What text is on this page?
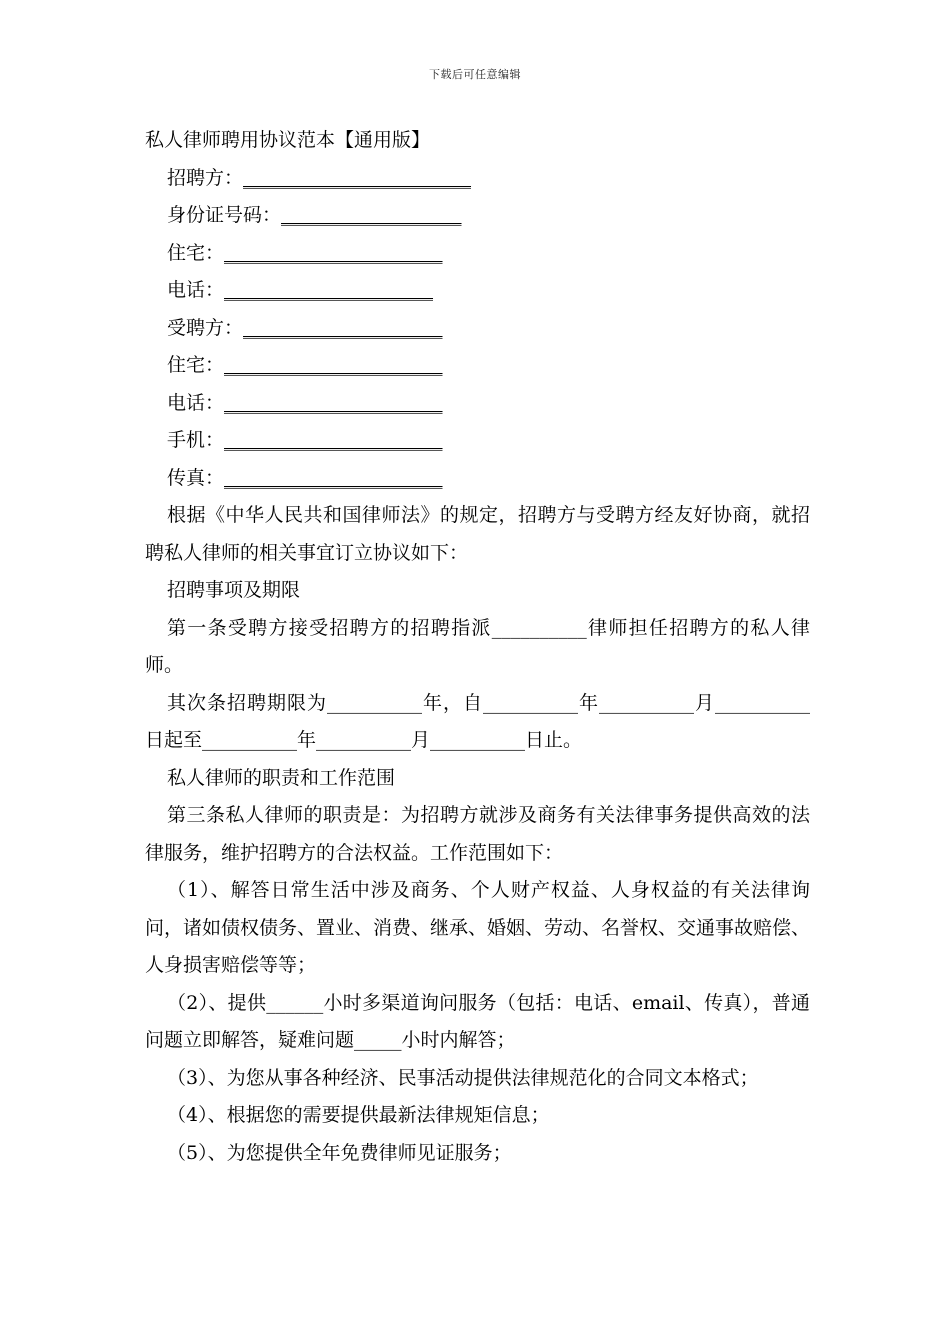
下载后可任意编辑
私人律师聘用协议范本【通用版】
招聘方：________________________
身份证号码：___________________
住宅：_______________________
电话：______________________
受聘方：_____________________
住宅：_______________________
电话：_______________________
手机：_______________________
传真：_______________________
根据《中华人民共和国律师法》的规定，招聘方与受聘方经友好协商，就招聘私人律师的相关事宜订立协议如下：
招聘事项及期限
第一条受聘方接受招聘方的招聘指派__________律师担任招聘方的私人律师。
其次条招聘期限为__________年，自__________年__________月__________日起至__________年__________月__________日止。
私人律师的职责和工作范围
第三条私人律师的职责是：为招聘方就涉及商务有关法律事务提供高效的法律服务，维护招聘方的合法权益。工作范围如下：
（1）、解答日常生活中涉及商务、个人财产权益、人身权益的有关法律询问，诸如债权债务、置业、消费、继承、婚姻、劳动、名誉权、交通事故赔偿、人身损害赔偿等等；
（2）、提供______小时多渠道询问服务（包括：电话、email、传真），普通问题立即解答，疑难问题_____小时内解答；
（3）、为您从事各种经济、民事活动提供法律规范化的合同文本格式；
（4）、根据您的需要提供最新法律规矩信息；
（5）、为您提供全年免费律师见证服务；
